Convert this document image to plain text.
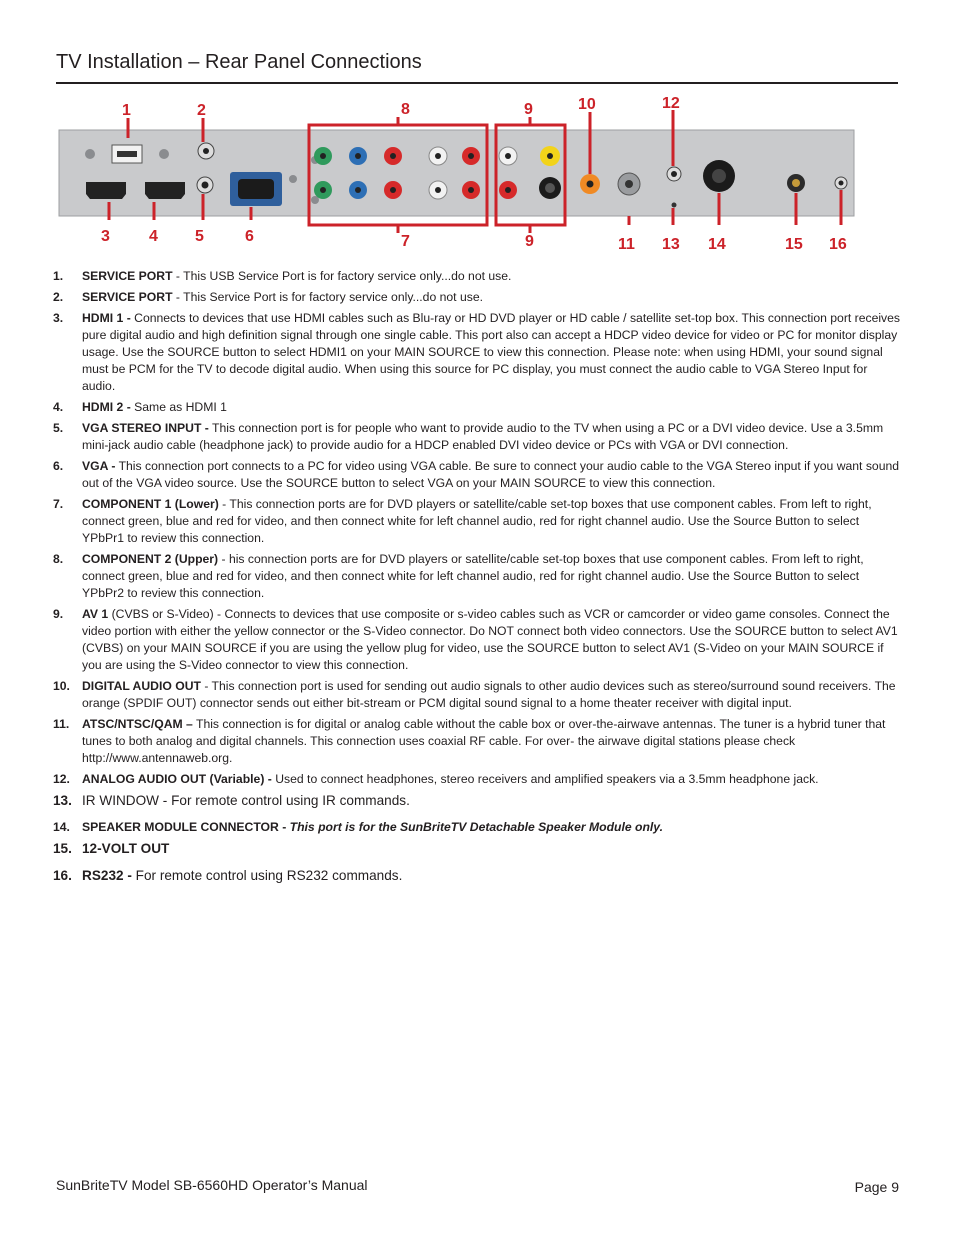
TV Installation – Rear Panel Connections
1	2
3 4 5	6	7
8	9
9
10
11
12
13 14	15 16
1. SERVICE PORT - This USB Service Port is for factory service only...do not use.
2. SERVICE PORT - This Service Port is for factory service only...do not use.
3. HDMI 1 - Connects to devices that use HDMI cables such as Blu-ray or HD DVD player or HD cable / satellite set-top box. This connection port receives pure digital audio and high definition signal through one single cable. This port also can accept a HDCP video device for video or PC for monitor display usage. Use the SOURCE button to select HDMI1 on your MAIN SOURCE to view this connection. Please note: when using HDMI, your sound signal must be PCM for the TV to decode digital audio. When using this source for PC display, you must connect the audio cable to VGA Stereo Input for audio.
4. HDMI 2 - Same as HDMI 1
5. VGA STEREO INPUT - This connection port is for people who want to provide audio to the TV when using a PC or a DVI video device. Use a 3.5mm mini-jack audio cable (headphone jack) to provide audio for a HDCP enabled DVI video device or PCs with VGA or DVI connection.
6. VGA - This connection port connects to a PC for video using VGA cable. Be sure to connect your audio cable to the VGA Stereo input if you want sound out of the VGA video source. Use the SOURCE button to select VGA on your MAIN SOURCE to view this connection.
7. COMPONENT 1 (Lower) - This connection ports are for DVD players or satellite/cable set-top boxes that use component cables. From left to right, connect green, blue and red for video, and then connect white for left channel audio, red for right channel audio. Use the Source Button to select YPbPr1 to review this connection.
8. COMPONENT 2 (Upper) - his connection ports are for DVD players or satellite/cable set-top boxes that use component cables. From left to right, connect green, blue and red for video, and then connect white for left channel audio, red for right channel audio. Use the Source Button to select YPbPr2 to review this connection.
9. AV 1 (CVBS or S-Video) - Connects to devices that use composite or s-video cables such as VCR or camcorder or video game consoles. Connect the video portion with either the yellow connector or the S-Video connector. Do NOT connect both video connectors. Use the SOURCE button to select AV1 (CVBS) on your MAIN SOURCE if you are using the yellow plug for video, use the SOURCE button to select AV1 (S-Video on your MAIN SOURCE if you are using the S-Video connector to view this connection.
10. DIGITAL AUDIO OUT - This connection port is used for sending out audio signals to other audio devices such as stereo/surround sound receivers. The orange (SPDIF OUT) connector sends out either bit-stream or PCM digital sound signal to a home theater receiver with digital input.
11. ATSC/NTSC/QAM – This connection is for digital or analog cable without the cable box or over-the-airwave antennas. The tuner is a hybrid tuner that tunes to both analog and digital channels. This connection uses coaxial RF cable. For over- the airwave digital stations please check http://www.antennaweb.org.
12. ANALOG AUDIO OUT (Variable) - Used to connect headphones, stereo receivers and amplified speakers via a 3.5mm headphone jack.
13. IR WINDOW - For remote control using IR commands.
14. SPEAKER MODULE CONNECTOR - This port is for the SunBriteTV Detachable Speaker Module only.
15. 12-VOLT OUT
16. RS232 - For remote control using RS232 commands.
SunBriteTV Model SB-6560HD Operator’s Manual	Page 9
